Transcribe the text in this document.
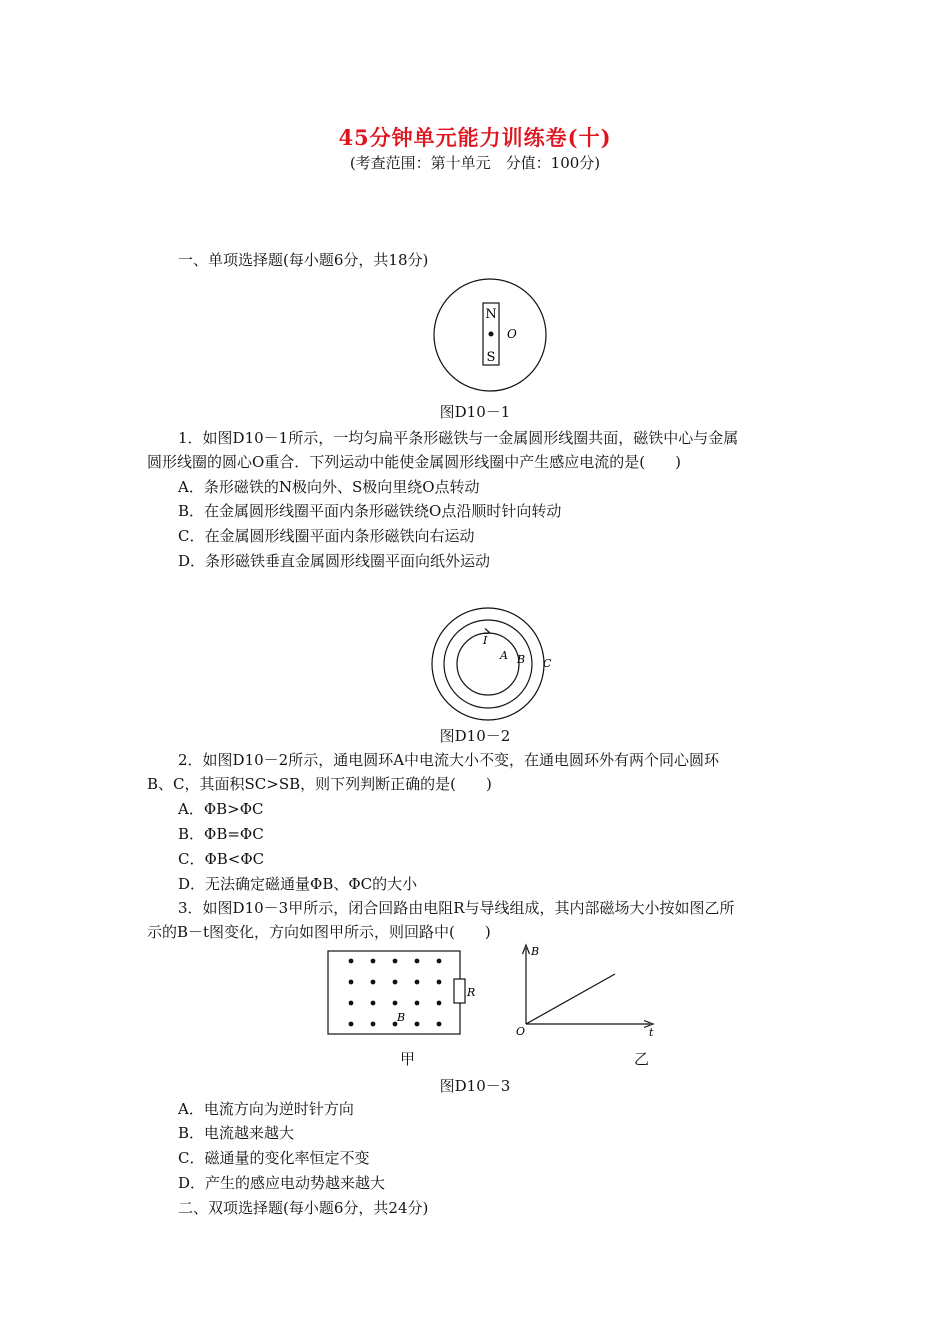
45分钟单元能力训练卷(十)
(考查范围：第十单元　分值：100分)
一、单项选择题(每小题6分，共18分)
N
S
O
图D10－1
1．如图D10－1所示，一均匀扁平条形磁铁与一金属圆形线圈共面，磁铁中心与金属
圆形线圈的圆心O重合．下列运动中能使金属圆形线圈中产生感应电流的是(　　)
A．条形磁铁的N极向外、S极向里绕O点转动
B．在金属圆形线圈平面内条形磁铁绕O点沿顺时针向转动
C．在金属圆形线圈平面内条形磁铁向右运动
D．条形磁铁垂直金属圆形线圈平面向纸外运动
I
A B C
图D10－2
2．如图D10－2所示，通电圆环A中电流大小不变，在通电圆环外有两个同心圆环
B、C，其面积SC>SB，则下列判断正确的是(　　)
A．ΦB>ΦC
B．ΦB=ΦC
C．ΦB<ΦC
D．无法确定磁通量ΦB、ΦC的大小
3．如图D10－3甲所示，闭合回路由电阻R与导线组成，其内部磁场大小按如图乙所
示的B－t图变化，方向如图甲所示，则回路中(　　)
R
B
甲
B
t
O
乙
图D10－3
A．电流方向为逆时针方向
B．电流越来越大
C．磁通量的变化率恒定不变
D．产生的感应电动势越来越大
二、双项选择题(每小题6分，共24分)
